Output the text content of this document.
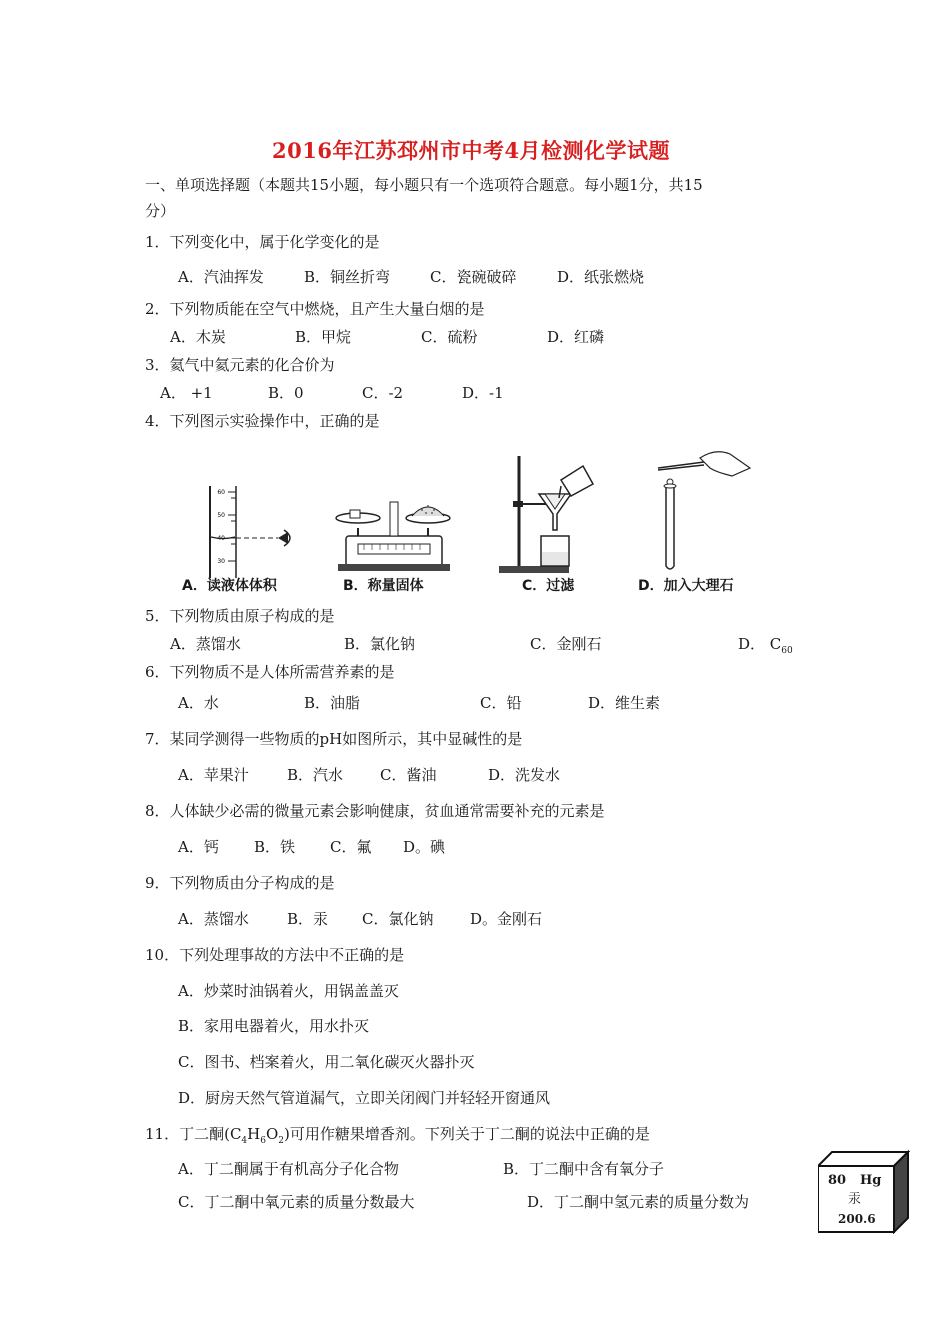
2016年江苏邳州市中考4月检测化学试题
一、单项选择题（本题共15小题，每小题只有一个选项符合题意。每小题1分，共15
分）
1．下列变化中，属于化学变化的是
A．汽油挥发	B．铜丝折弯	C．瓷碗破碎	D．纸张燃烧
2．下列物质能在空气中燃烧，且产生大量白烟的是
A．木炭	B．甲烷	C．硫粉	D．红磷
3．氦气中氦元素的化合价为
A． +1	B．0	C．-2	D．-1
4．下列图示实验操作中，正确的是
60
50
40
30
A．读液体体积	B．称量固体	C．过滤	D．加入大理石
5．下列物质由原子构成的是
A．蒸馏水	B．氯化钠	C．金刚石	D． $C_{60}$
6．下列物质不是人体所需营养素的是
A．水	B．油脂	C．铅	D．维生素
7．某同学测得一些物质的pH如图所示，其中显碱性的是
A．苹果汁	B．汽水 C．酱油	D．洗发水
8．人体缺少必需的微量元素会影响健康，贫血通常需要补充的元素是
A．钙 B．铁 C．氟 D。碘
9．下列物质由分子构成的是
A．蒸馏水	B．汞 C．氯化钠 D。金刚石
10．下列处理事故的方法中不正确的是
A．炒菜时油锅着火，用锅盖盖灭
B．家用电器着火，用水扑灭
C．图书、档案着火，用二氧化碳灭火器扑灭
D．厨房天然气管道漏气，立即关闭阀门并轻轻开窗通风
11．丁二酮$(C_4H_6O_2)$可用作糖果增香剂。下列关于丁二酮的说法中正确的是
A．丁二酮属于有机高分子化合物	B．丁二酮中含有氧分子
C．丁二酮中氧元素的质量分数最大	D．丁二酮中氢元素的质量分数为
80 Hg
汞
200.6
